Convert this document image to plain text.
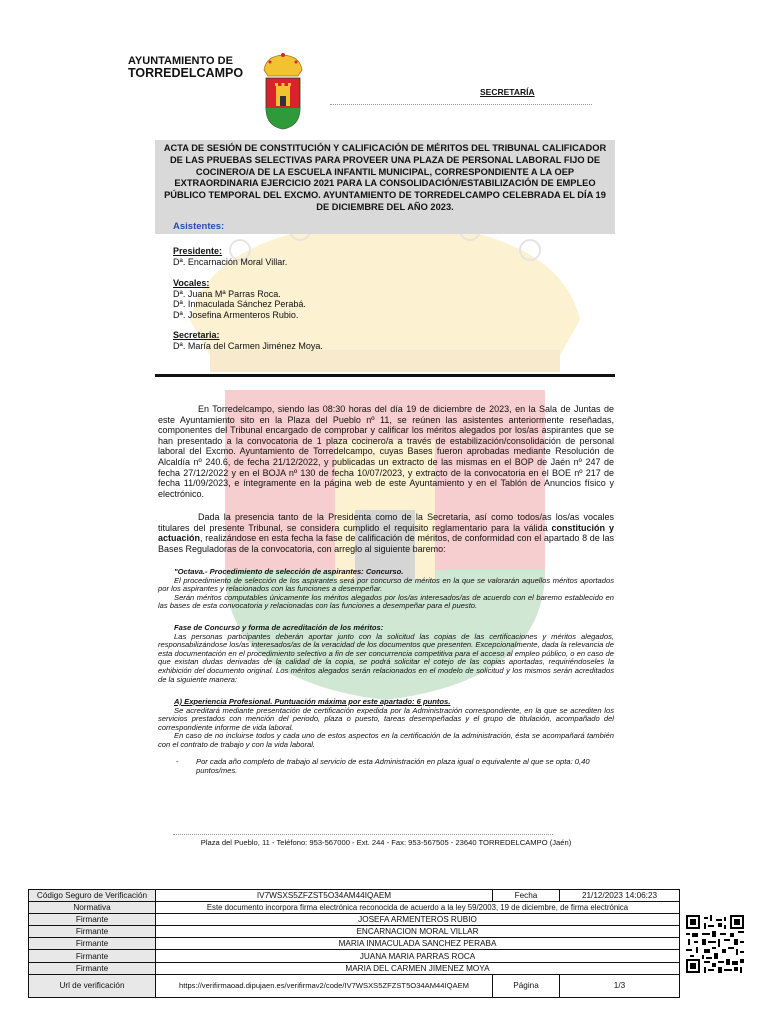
AYUNTAMIENTO DE
TORREDELCAMPO
SECRETARÍA
ACTA DE SESIÓN DE CONSTITUCIÓN Y CALIFICACIÓN DE MÉRITOS DEL TRIBUNAL CALIFICADOR DE LAS PRUEBAS SELECTIVAS PARA PROVEER UNA PLAZA DE PERSONAL LABORAL FIJO DE COCINERO/A DE LA ESCUELA INFANTIL MUNICIPAL, CORRESPONDIENTE A LA OEP EXTRAORDINARIA EJERCICIO 2021 PARA LA CONSOLIDACIÓN/ESTABILIZACIÓN DE EMPLEO PÚBLICO TEMPORAL DEL EXCMO. AYUNTAMIENTO DE TORREDELCAMPO CELEBRADA EL DÍA 19 DE DICIEMBRE DEL AÑO 2023.
Asistentes:
Presidente:
Dª. Encarnación Moral Villar.
Vocales:
Dª. Juana Mª Parras Roca.
Dª. Inmaculada Sánchez Perabá.
Dª. Josefina Armenteros Rubio.
Secretaria:
Dª. María del Carmen Jiménez Moya.

En Torredelcampo, siendo las 08:30 horas del día 19 de diciembre de 2023, en la Sala de Juntas de este Ayuntamiento sito en la Plaza del Pueblo nº 11, se reúnen las asistentes anteriormente reseñadas, componentes del Tribunal encargado de comprobar y calificar los méritos alegados por los/as aspirantes que se han presentado a la convocatoria de 1 plaza cocinero/a a través de estabilización/consolidación de personal laboral del Excmo. Ayuntamiento de Torredelcampo, cuyas Bases fueron aprobadas mediante Resolución de Alcaldía nº 240.6, de fecha 21/12/2022, y publicadas un extracto de las mismas en el BOP de Jaén nº 247 de fecha 27/12/2022 y en el BOJA nº 130 de fecha 10/07/2023, y extracto de la convocatoria en el BOE nº 217 de fecha 11/09/2023, e íntegramente en la página web de este Ayuntamiento y en el Tablón de Anuncios físico y electrónico.

Dada la presencia tanto de la Presidenta como de la Secretaria, así como todos/as los/as vocales titulares del presente Tribunal, se considera cumplido el requisito reglamentario para la válida constitución y actuación, realizándose en esta fecha la fase de calificación de méritos, de conformidad con el apartado 8 de las Bases Reguladoras de la convocatoria, con arreglo al siguiente baremo:

"Octava.- Procedimiento de selección de aspirantes: Concurso.

El procedimiento de selección de los aspirantes será por concurso de méritos en la que se valorarán aquellos méritos aportados por los aspirantes y relacionados con las funciones a desempeñar.

Serán méritos computables únicamente los méritos alegados por los/as interesados/as de acuerdo con el baremo establecido en las bases de esta convocatoria y relacionadas con las funciones a desempeñar para el puesto.

Fase de Concurso y forma de acreditación de los méritos:

Las personas participantes deberán aportar junto con la solicitud las copias de las certificaciones y méritos alegados, responsabilizándose los/as interesados/as de la veracidad de los documentos que presenten. Excepcionalmente, dada la relevancia de esta documentación en el procedimiento selectivo a fin de ser concurrencia competitiva para el acceso al empleo público, o en caso de que existan dudas derivadas de la calidad de la copia, se podrá solicitar el cotejo de las copias aportadas, requiriéndoseles la exhibición del documento original. Los méritos alegados serán relacionados en el modelo de solicitud y los mismos serán acreditados de la siguiente manera:

A) Experiencia Profesional. Puntuación máxima por este apartado: 6 puntos.

Se acreditará mediante presentación de certificación expedida por la Administración correspondiente, en la que se acrediten los servicios prestados con mención del periodo, plaza o puesto, tareas desempeñadas y el grupo de titulación, acompañado del correspondiente informe de vida laboral.

En caso de no incluirse todos y cada uno de estos aspectos en la certificación de la administración, ésta se acompañará también con el contrato de trabajo y con la vida laboral.

- Por cada año completo de trabajo al servicio de esta Administración en plaza igual o equivalente al que se opta: 0,40 puntos/mes.
Plaza del Pueblo, 11 - Teléfono: 953-567000 - Ext. 244 - Fax: 953-567505 - 23640 TORREDELCAMPO (Jaén)
Código Seguro de Verificación	IV7WSXS5ZFZST5O34AM44IQAEM	Fecha	21/12/2023 14:06:23
Normativa	Este documento incorpora firma electrónica reconocida de acuerdo a la ley 59/2003, 19 de diciembre, de firma electrónica		
Firmante	JOSEFA ARMENTEROS RUBIO		
Firmante	ENCARNACION MORAL VILLAR		
Firmante	MARIA INMACULADA SANCHEZ PERABA		
Firmante	JUANA MARIA PARRAS ROCA		
Firmante	MARIA DEL CARMEN JIMENEZ MOYA		
Url de verificación	https://verifirmaoad.dipujaen.es/verifirmav2/code/IV7WSXS5ZFZST5O34AM44IQAEM	Página	1/3
